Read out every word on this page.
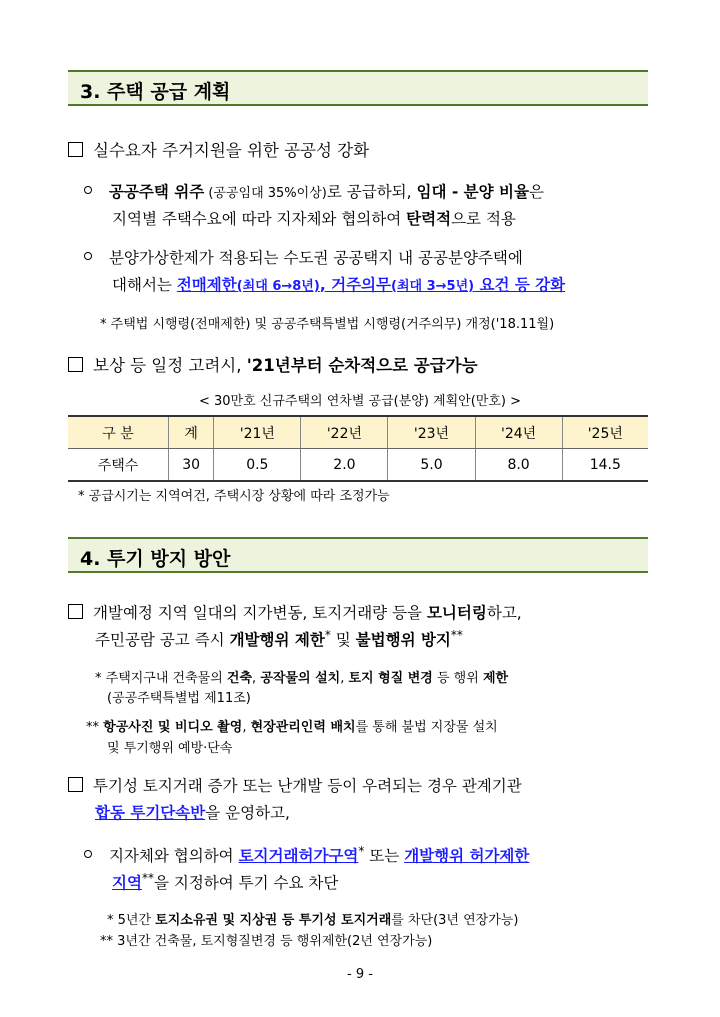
3. 주택 공급 계획
실수요자 주거지원을 위한 공공성 강화
공공주택 위주 (공공임대 35%이상)로 공급하되, 임대 - 분양 비율은
지역별 주택수요에 따라 지자체와 협의하여 탄력적으로 적용
분양가상한제가 적용되는 수도권 공공택지 내 공공분양주택에
대해서는 전매제한(최대 6→8년), 거주의무(최대 3→5년) 요건 등 강화
* 주택법 시행령(전매제한) 및 공공주택특별법 시행령(거주의무) 개정('18.11월)
보상 등 일정 고려시, '21년부터 순차적으로 공급가능
< 30만호 신규주택의 연차별 공급(분양) 계획안(만호) >
구 분	계	'21년	'22년	'23년	'24년	'25년
주택수	30	0.5	2.0	5.0	8.0	14.5
* 공급시기는 지역여건, 주택시장 상황에 따라 조정가능
4. 투기 방지 방안
개발예정 지역 일대의 지가변동, 토지거래량 등을 모니터링하고,
주민공람 공고 즉시 개발행위 제한* 및 불법행위 방지**
* 주택지구내 건축물의 건축, 공작물의 설치, 토지 형질 변경 등 행위 제한
(공공주택특별법 제11조)
** 항공사진 및 비디오 촬영, 현장관리인력 배치를 통해 불법 지장물 설치
및 투기행위 예방·단속
투기성 토지거래 증가 또는 난개발 등이 우려되는 경우 관계기관
합동 투기단속반을 운영하고,
지자체와 협의하여 토지거래허가구역* 또는 개발행위 허가제한
지역**을 지정하여 투기 수요 차단
* 5년간 토지소유권 및 지상권 등 투기성 토지거래를 차단(3년 연장가능)
** 3년간 건축물, 토지형질변경 등 행위제한(2년 연장가능)
- 9 -
